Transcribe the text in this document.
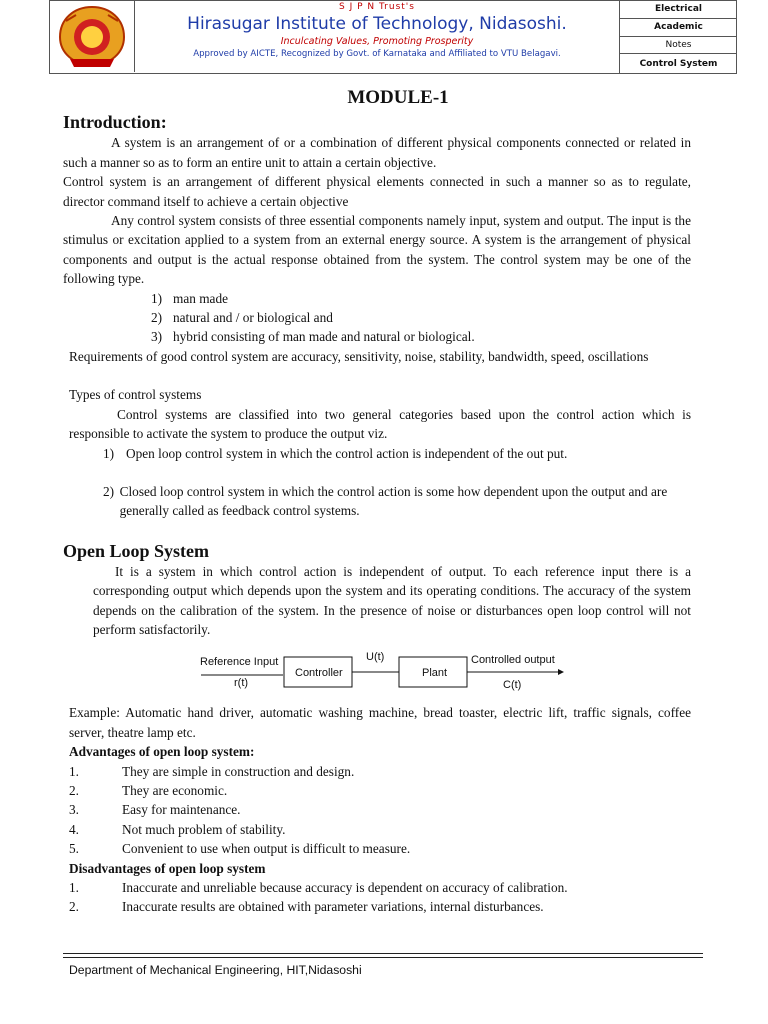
S J P N Trust's
Hirasugar Institute of Technology, Nidasoshi.
Inculcating Values, Promoting Prosperity
Approved by AICTE, Recognized by Govt. of Karnataka and Affiliated to VTU Belagavi.
Electrical
Academic
Notes
Control System
MODULE-1
Introduction:

A system is an arrangement of or a combination of different physical components connected or related in such a manner so as to form an entire unit to attain a certain objective.

Control system is an arrangement of different physical elements connected in such a manner so as to regulate, director command itself to achieve a certain objective

Any control system consists of three essential components namely input, system and output. The input is the stimulus or excitation applied to a system from an external energy source. A system is the arrangement of physical components and output is the actual response obtained from the system. The control system may be one of the following type.

1) man made
2) natural and / or biological and
3) hybrid consisting of man made and natural or biological.

Requirements of good control system are accuracy, sensitivity, noise, stability, bandwidth, speed, oscillations

Types of control systems

Control systems are classified into two general categories based upon the control action which is responsible to activate the system to produce the output viz.

1) Open loop control system in which the control action is independent of the out put.
2) Closed loop control system in which the control action is some how dependent upon the output and are generally called as feedback control systems.
Open Loop System

It is a system in which control action is independent of output. To each reference input there is a corresponding output which depends upon the system and its operating conditions. The accuracy of the system depends on the calibration of the system. In the presence of noise or disturbances open loop control will not perform satisfactorily.

Reference Input
r(t)
Controller
U(t)
Plant
Controlled output
C(t)

Example: Automatic hand driver, automatic washing machine, bread toaster, electric lift, traffic signals, coffee server, theatre lamp etc.

Advantages of open loop system:
1.	They are simple in construction and design.
2.	They are economic.
3.	Easy for maintenance.
4.	Not much problem of stability.
5.	Convenient to use when output is difficult to measure.
Disadvantages of open loop system
1.	Inaccurate and unreliable because accuracy is dependent on accuracy of calibration.
2.	Inaccurate results are obtained with parameter variations, internal disturbances.
Department of Mechanical Engineering, HIT,Nidasoshi
